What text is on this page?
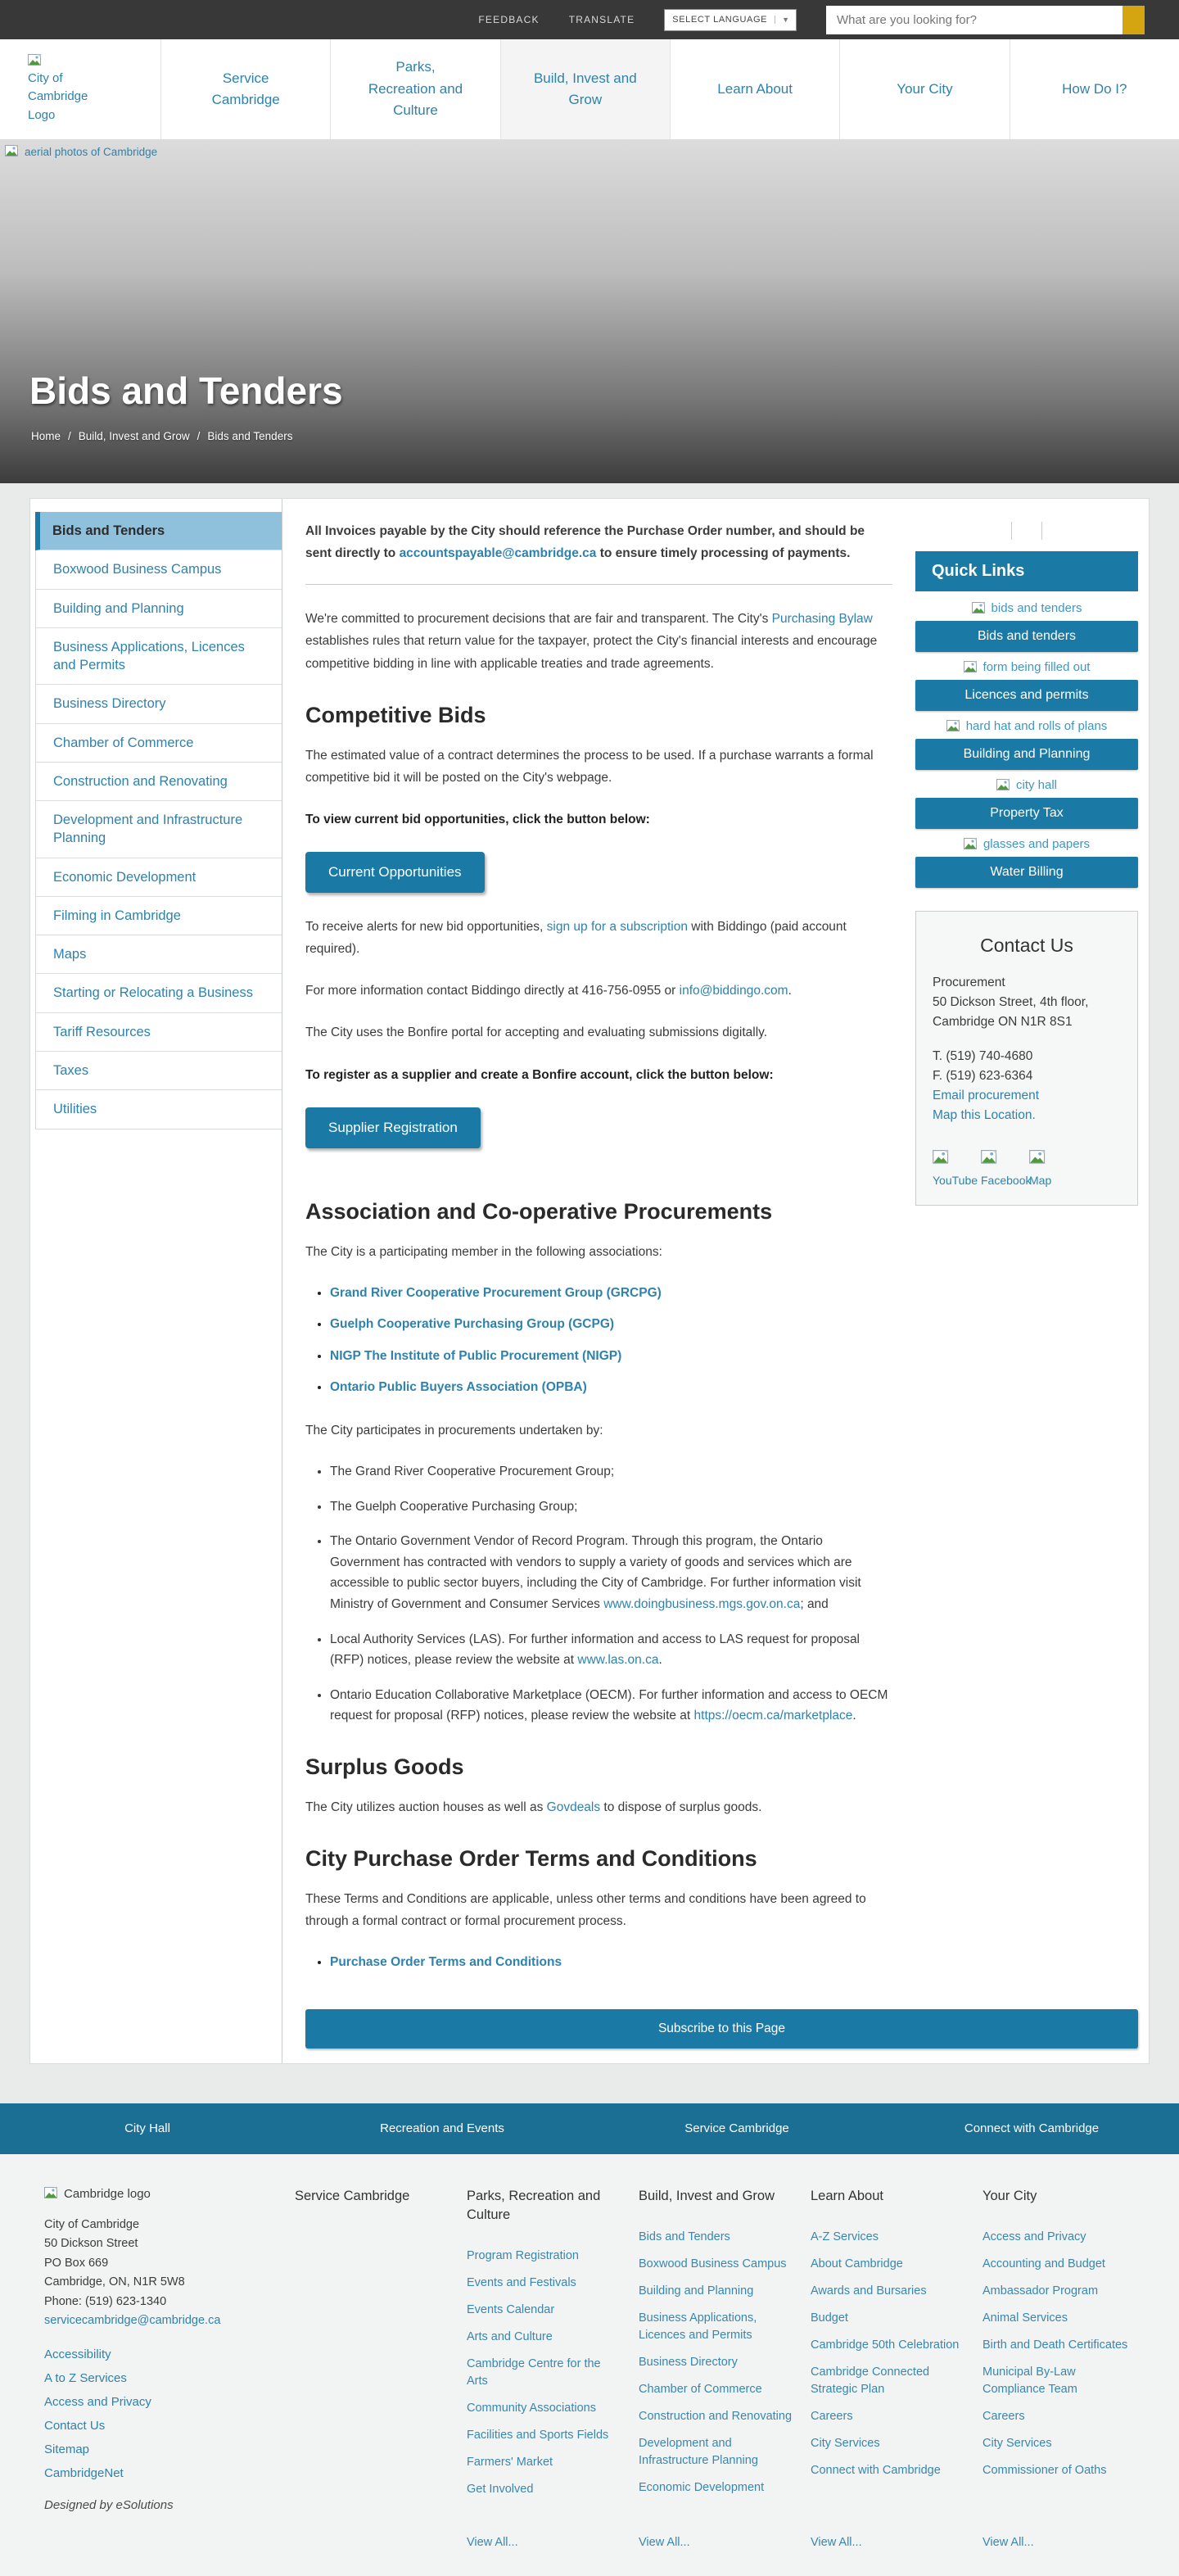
FEEDBACK	TRANSLATE	SELECT LANGUAGE	▼
What are you looking for?
City of Cambridge Logo
Service Cambridge
Parks, Recreation and Culture
Build, Invest and Grow
Learn About	Your City	How Do I?
aerial photos of Cambridge
Bids and Tenders
Home / Build, Invest and Grow / Bids and Tenders
Bids and Tenders
Boxwood Business Campus
Building and Planning
Business Applications, Licences and Permits
Business Directory
Chamber of Commerce
Construction and Renovating
Development and Infrastructure Planning
Economic Development
Filming in Cambridge
Maps
Starting or Relocating a Business
Tariff Resources
Taxes
Utilities

All Invoices payable by the City should reference the Purchase Order number, and should be sent directly to accountspayable@cambridge.ca to ensure timely processing of payments.

We're committed to procurement decisions that are fair and transparent. The City's Purchasing Bylaw establishes rules that return value for the taxpayer, protect the City's financial interests and encourage competitive bidding in line with applicable treaties and trade agreements.

Competitive Bids

The estimated value of a contract determines the process to be used. If a purchase warrants a formal competitive bid it will be posted on the City's webpage.

To view current bid opportunities, click the button below:

Current Opportunities

To receive alerts for new bid opportunities, sign up for a subscription with Biddingo (paid account required).

For more information contact Biddingo directly at 416-756-0955 or info@biddingo.com.

The City uses the Bonfire portal for accepting and evaluating submissions digitally.

To register as a supplier and create a Bonfire account, click the button below:

Supplier Registration
Association and Co-operative Procurements

The City is a participating member in the following associations:

• Grand River Cooperative Procurement Group (GRCPG)
• Guelph Cooperative Purchasing Group (GCPG)
• NIGP The Institute of Public Procurement (NIGP)
• Ontario Public Buyers Association (OPBA)

The City participates in procurements undertaken by:

• The Grand River Cooperative Procurement Group;
• The Guelph Cooperative Purchasing Group;
• The Ontario Government Vendor of Record Program. Through this program, the Ontario Government has contracted with vendors to supply a variety of goods and services which are accessible to public sector buyers, including the City of Cambridge. For further information visit Ministry of Government and Consumer Services www.doingbusiness.mgs.gov.on.ca; and
• Local Authority Services (LAS). For further information and access to LAS request for proposal (RFP) notices, please review the website at www.las.on.ca.
• Ontario Education Collaborative Marketplace (OECM). For further information and access to OECM request for proposal (RFP) notices, please review the website at https://oecm.ca/marketplace.
Surplus Goods

The City utilizes auction houses as well as Govdeals to dispose of surplus goods.

City Purchase Order Terms and Conditions

These Terms and Conditions are applicable, unless other terms and conditions have been agreed to through a formal contract or formal procurement process.

• Purchase Order Terms and Conditions
Quick Links
bids and tenders
Bids and tenders
form being filled out
Licences and permits
hard hat and rolls of plans
Building and Planning
city hall
Property Tax
glasses and papers
Water Billing
Contact Us

Procurement
50 Dickson Street, 4th floor,
Cambridge ON N1R 8S1

T. (519) 740-4680
F. (519) 623-6364

Email procurement
Map this Location.
YouTube Facebook
Map
Subscribe to this Page
City Hall	Recreation and Events	Service Cambridge	Connect with Cambridge
Cambridge logo
City of Cambridge
50 Dickson Street
PO Box 669
Cambridge, ON, N1R 5W8
Phone: (519) 623-1340
servicecambridge@cambridge.ca
Accessibility
A to Z Services
Access and Privacy
Contact Us
Sitemap
CambridgeNet
Designed by eSolutions
Service Cambridge	Parks, Recreation and Culture
Program Registration
Events and Festivals
Events Calendar
Arts and Culture
Cambridge Centre for the Arts
Community Associations
Facilities and Sports Fields
Farmers' Market
Get Involved
View All...
Build, Invest and Grow
Bids and Tenders
Boxwood Business Campus
Building and Planning
Business Applications, Licences and Permits
Business Directory
Chamber of Commerce
Construction and Renovating
Development and Infrastructure Planning
Economic Development
View All...
Learn About
A-Z Services
About Cambridge
Awards and Bursaries
Budget
Cambridge 50th Celebration
Cambridge Connected Strategic Plan
Careers
City Services
Connect with Cambridge
View All...
Your City
Access and Privacy
Accounting and Budget
Ambassador Program
Animal Services
Birth and Death Certificates
Municipal By-Law Compliance Team
Careers
City Services
Commissioner of Oaths
View All...
